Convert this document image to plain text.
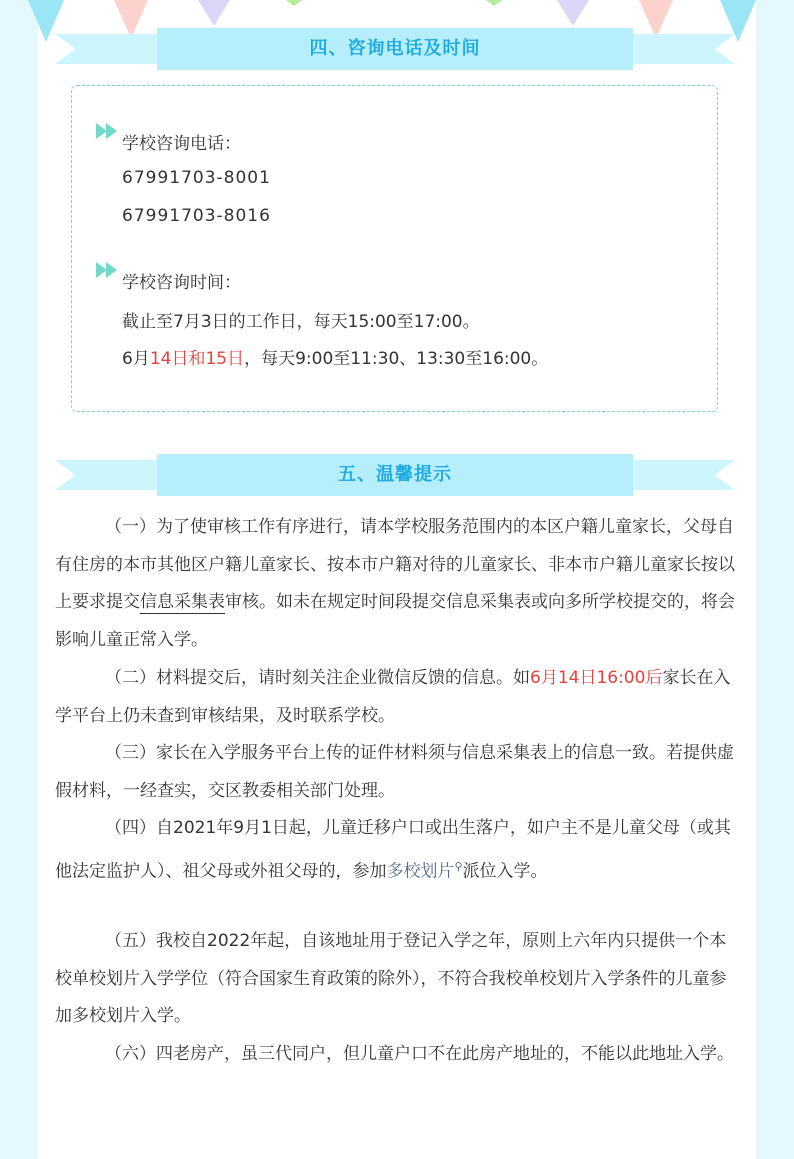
四、咨询电话及时间
学校咨询电话：
67991703-8001
67991703-8016
学校咨询时间：
截止至7月3日的工作日，每天15:00至17:00。
6月14日和15日，每天9:00至11:30、13:30至16:00。
五、温馨提示
（一）为了使审核工作有序进行，请本学校服务范围内的本区户籍儿童家长，父母自有住房的本市其他区户籍儿童家长、按本市户籍对待的儿童家长、非本市户籍儿童家长按以上要求提交信息采集表审核。如未在规定时间段提交信息采集表或向多所学校提交的，将会影响儿童正常入学。
（二）材料提交后，请时刻关注企业微信反馈的信息。如6月14日16:00后家长在入学平台上仍未查到审核结果，及时联系学校。
（三）家长在入学服务平台上传的证件材料须与信息采集表上的信息一致。若提供虚假材料，一经查实，交区教委相关部门处理。
（四）自2021年9月1日起，儿童迁移户口或出生落户，如户主不是儿童父母（或其他法定监护人）、祖父母或外祖父母的，参加多校划片⚲派位入学。
（五）我校自2022年起，自该地址用于登记入学之年，原则上六年内只提供一个本校单校划片入学学位（符合国家生育政策的除外），不符合我校单校划片入学条件的儿童参加多校划片入学。
（六）四老房产，虽三代同户，但儿童户口不在此房产地址的，不能以此地址入学。
